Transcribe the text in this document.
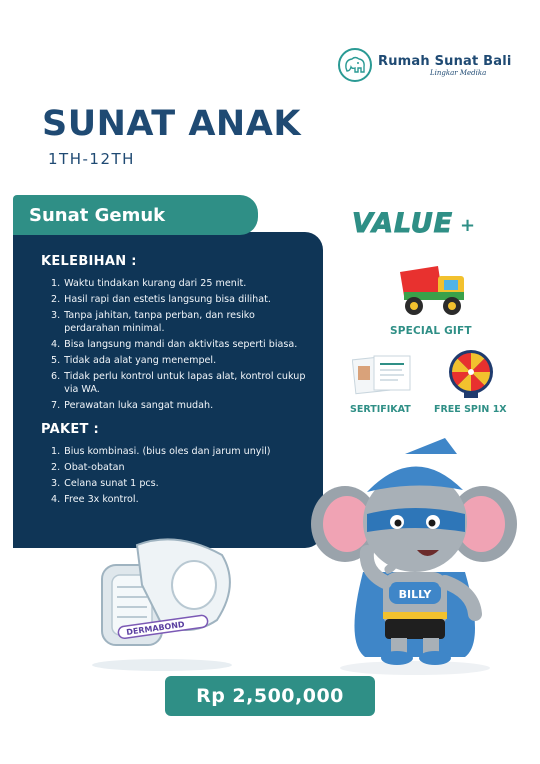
Rumah Sunat Bali
Lingkar Medika
SUNAT ANAK
1TH-12TH
Sunat Gemuk
KELEBIHAN :
1. Waktu tindakan kurang dari 25 menit.
2. Hasil rapi dan estetis langsung bisa dilihat.
3. Tanpa jahitan, tanpa perban, dan resiko perdarahan minimal.
4. Bisa langsung mandi dan aktivitas seperti biasa.
5. Tidak ada alat yang menempel.
6. Tidak perlu kontrol untuk lapas alat, kontrol cukup via WA.
7. Perawatan luka sangat mudah.
PAKET :
1. Bius kombinasi. (bius oles dan jarum unyil)
2. Obat-obatan
3. Celana sunat 1 pcs.
4. Free 3x kontrol.
DERMABOND
VALUE +
SPECIAL GIFT
SERTIFIKAT FREE SPIN 1X
BILLY
Rp 2,500,000
